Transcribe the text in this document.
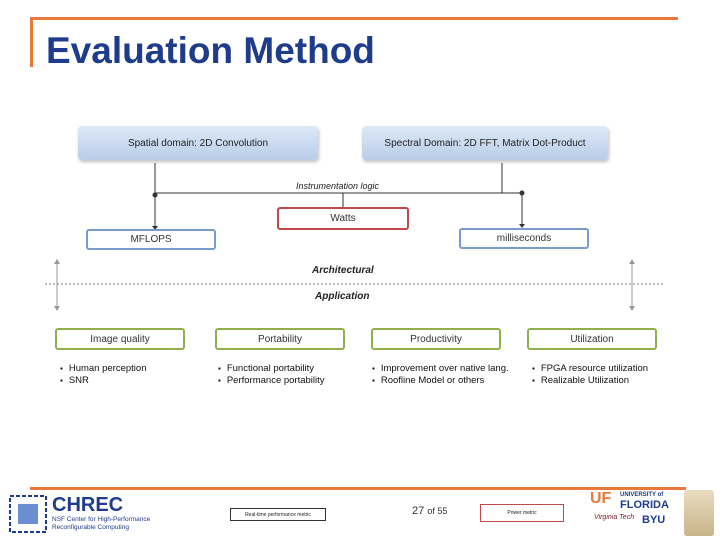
Evaluation Method
Spatial domain: 2D Convolution	Spectral Domain: 2D FFT, Matrix Dot-Product
Instrumentation logic
Watts
MFLOPS	milliseconds
Architectural
Application
Image quality	Portability	Productivity	Utilization
▪ Human perception
▪ SNR
▪ Functional portability
▪ Performance portability
▪ Improvement over native lang.
▪ Roofline Model or others
▪ FPGA resource utilization
▪ Realizable Utilization
CHREC
NSF Center for High-Performance
Reconfigurable Computing
Real-time performance metric	27 of 55	Power metric
UF UNIVERSITY of
FLORIDA
Virginia Tech BYU
